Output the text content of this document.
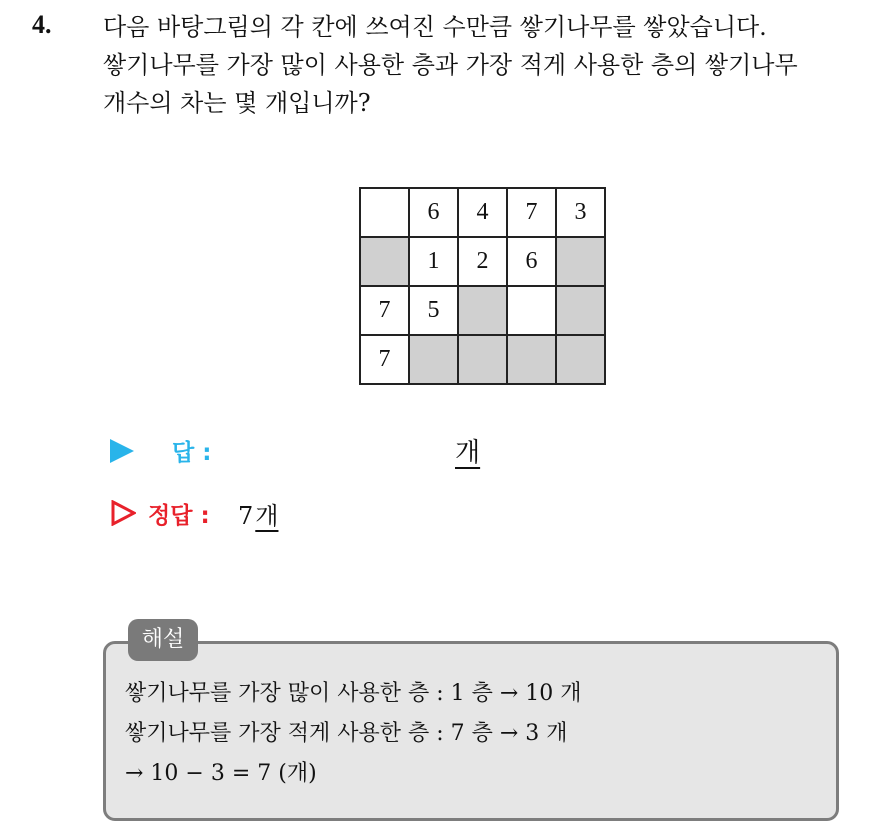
4. 다음 바탕그림의 각 칸에 쓰여진 수만큼 쌓기나무를 쌓았습니다.
쌓기나무를 가장 많이 사용한 층과 가장 적게 사용한 층의 쌓기나무
개수의 차는 몇 개입니까?
	6	4	7	3
	1	2	6	
7	5			
7				
답 :	개
정답 : 7개
해설
쌓기나무를 가장 많이 사용한 층 : 1 층 → 10 개
쌓기나무를 가장 적게 사용한 층 : 7 층 → 3 개
→ 10 − 3 = 7 (개)
